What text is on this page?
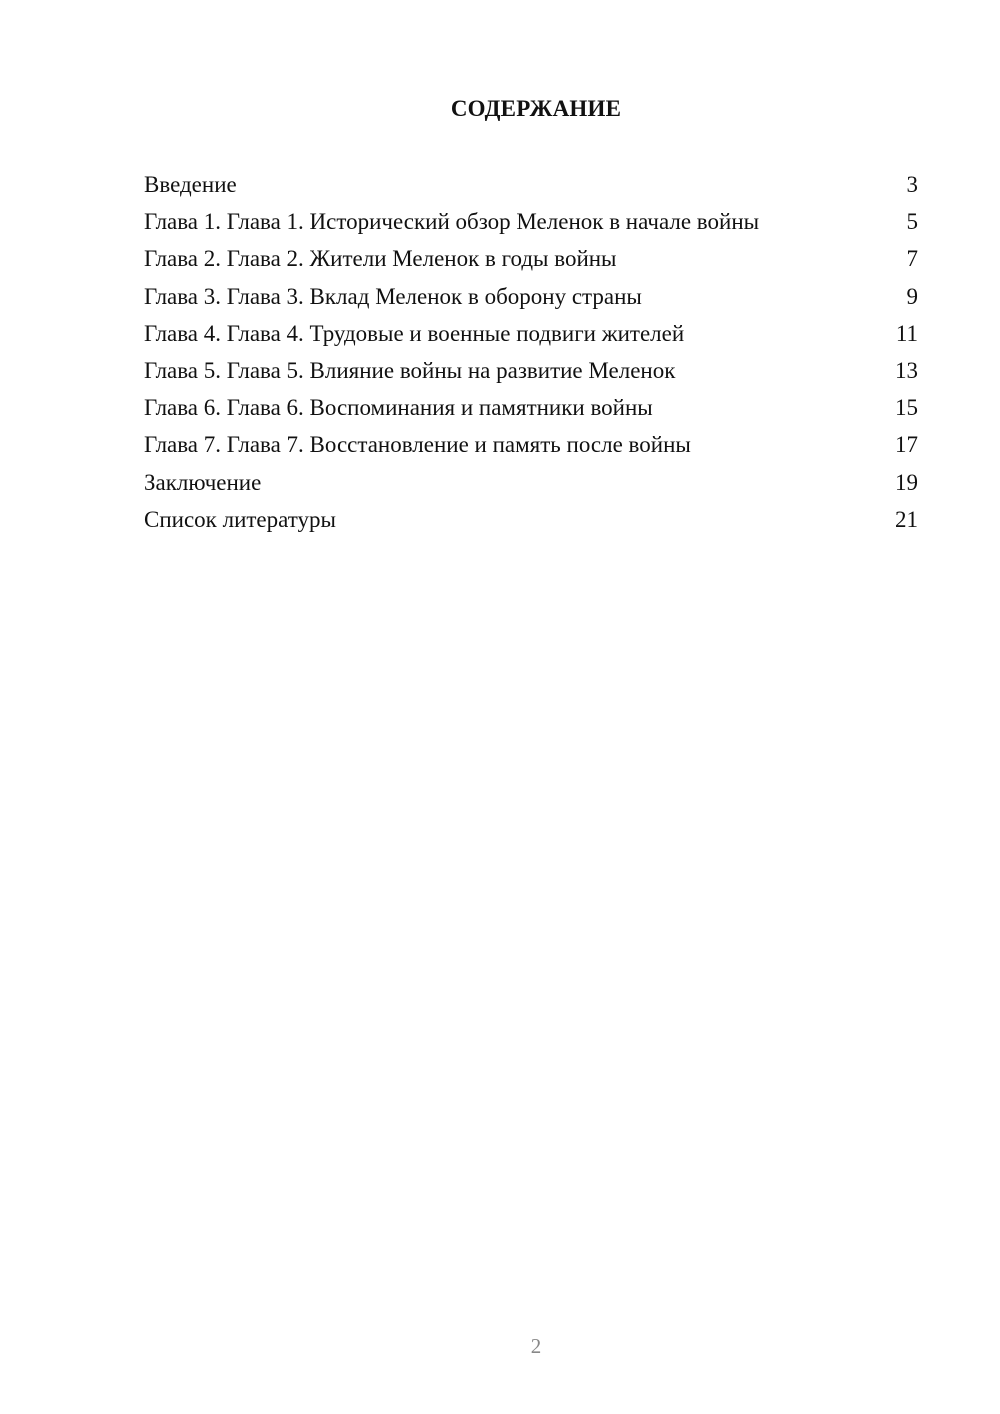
СОДЕРЖАНИЕ
Введение	3
Глава 1. Глава 1. Исторический обзор Меленок в начале войны	5
Глава 2. Глава 2. Жители Меленок в годы войны	7
Глава 3. Глава 3. Вклад Меленок в оборону страны	9
Глава 4. Глава 4. Трудовые и военные подвиги жителей	11
Глава 5. Глава 5. Влияние войны на развитие Меленок	13
Глава 6. Глава 6. Воспоминания и памятники войны	15
Глава 7. Глава 7. Восстановление и память после войны	17
Заключение	19
Список литературы	21
2
